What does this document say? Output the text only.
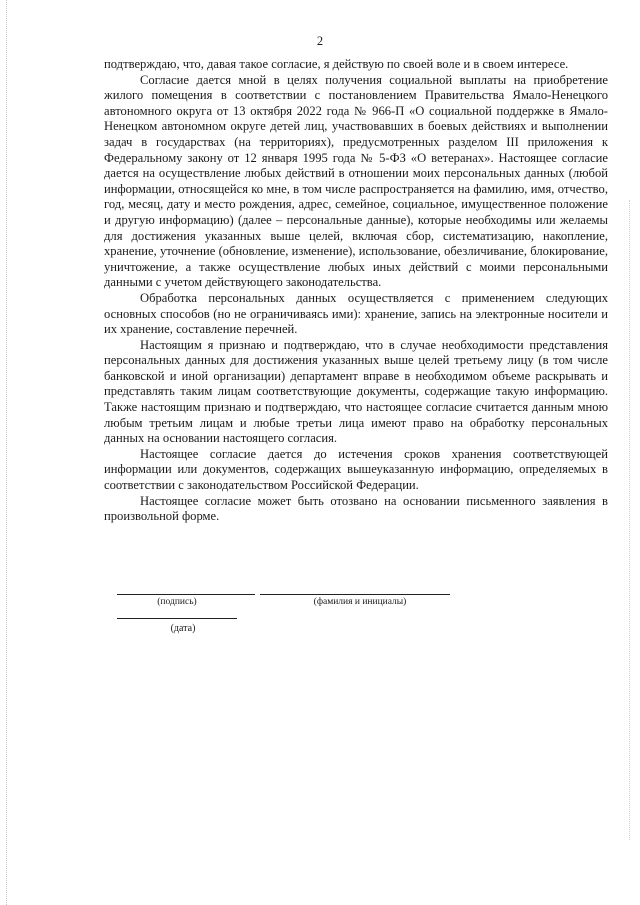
2

подтверждаю, что, давая такое согласие, я действую по своей воле и в своем интересе.

Согласие дается мной в целях получения социальной выплаты на приобретение жилого помещения в соответствии с постановлением Правительства Ямало-Ненецкого автономного округа от 13 октября 2022 года № 966-П «О социальной поддержке в Ямало-Ненецком автономном округе детей лиц, участвовавших в боевых действиях и выполнении задач в государствах (на территориях), предусмотренных разделом III приложения к Федеральному закону от 12 января 1995 года № 5-ФЗ «О ветеранах». Настоящее согласие дается на осуществление любых действий в отношении моих персональных данных (любой информации, относящейся ко мне, в том числе распространяется на фамилию, имя, отчество, год, месяц, дату и место рождения, адрес, семейное, социальное, имущественное положение и другую информацию) (далее – персональные данные), которые необходимы или желаемы для достижения указанных выше целей, включая сбор, систематизацию, накопление, хранение, уточнение (обновление, изменение), использование, обезличивание, блокирование, уничтожение, а также осуществление любых иных действий с моими персональными данными с учетом действующего законодательства.

Обработка персональных данных осуществляется с применением следующих основных способов (но не ограничиваясь ими): хранение, запись на электронные носители и их хранение, составление перечней.

Настоящим я признаю и подтверждаю, что в случае необходимости представления персональных данных для достижения указанных выше целей третьему лицу (в том числе банковской и иной организации) департамент вправе в необходимом объеме раскрывать и представлять таким лицам соответствующие документы, содержащие такую информацию. Также настоящим признаю и подтверждаю, что настоящее согласие считается данным мною любым третьим лицам и любые третьи лица имеют право на обработку персональных данных на основании настоящего согласия.

Настоящее согласие дается до истечения сроков хранения соответствующей информации или документов, содержащих вышеуказанную информацию, определяемых в соответствии с законодательством Российской Федерации.

Настоящее согласие может быть отозвано на основании письменного заявления в произвольной форме.

(подпись)	(фамилия и инициалы)
(дата)
